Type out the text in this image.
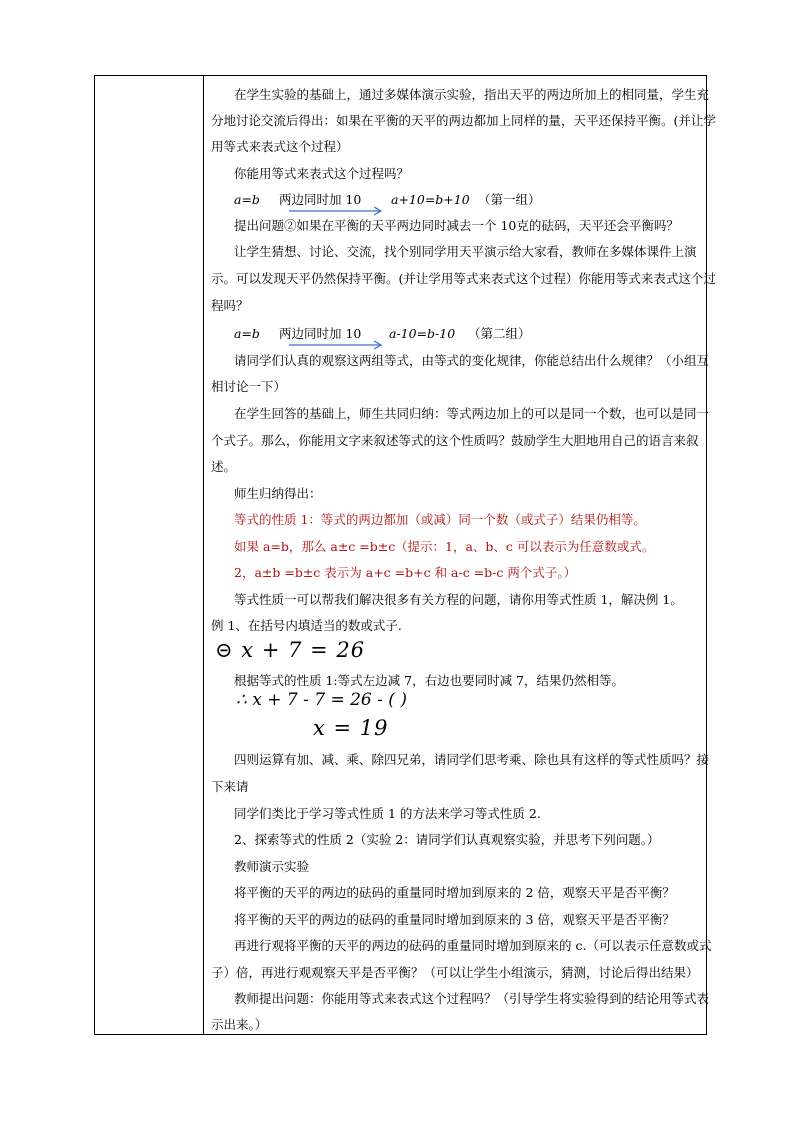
在学生实验的基础上，通过多媒体演示实验，指出天平的两边所加上的相同量，学生充
分地讨论交流后得出：如果在平衡的天平的两边都加上同样的量，天平还保持平衡。(并让学
用等式来表式这个过程）
你能用等式来表式这个过程吗？
a=b 两边同时加 10 a+10=b+10 （第一组）
提出问题②如果在平衡的天平两边同时减去一个 10克的砝码，天平还会平衡吗？
让学生猜想、讨论、交流，找个别同学用天平演示给大家看，教师在多媒体课件上演
示。可以发现天平仍然保持平衡。(并让学用等式来表式这个过程）你能用等式来表式这个过
程吗？
a=b 两边同时加 10 a-10=b-10 （第二组）
请同学们认真的观察这两组等式，由等式的变化规律，你能总结出什么规律？（小组互
相讨论一下）
在学生回答的基础上，师生共同归纳：等式两边加上的可以是同一个数，也可以是同一
个式子。那么，你能用文字来叙述等式的这个性质吗？鼓励学生大胆地用自己的语言来叙
述。
师生归纳得出：
等式的性质 1：等式的两边都加（或减）同一个数（或式子）结果仍相等。
如果 a=b，那么 a±c =b±c （提示：1，a、b、c 可以表示为任意数或式。
2，a±b =b±c 表示为 a+c =b+c 和 a-c =b-c 两个式子。）
等式性质一可以帮我们解决很多有关方程的问题，请你用等式性质 1，解决例 1。
例 1、在括号内填适当的数或式子.
⊝ x + 7 = 26
根据等式的性质 1:等式左边减 7，右边也要同时减 7，结果仍然相等。
∴ x + 7 - 7 = 26 - ( )
x = 19
四则运算有加、减、乘、除四兄弟，请同学们思考乘、除也具有这样的等式性质吗？接
下来请
同学们类比于学习等式性质 1 的方法来学习等式性质 2.
2、探索等式的性质 2（实验 2：请同学们认真观察实验，并思考下列问题。）
教师演示实验
将平衡的天平的两边的砝码的重量同时增加到原来的 2 倍，观察天平是否平衡？
将平衡的天平的两边的砝码的重量同时增加到原来的 3 倍，观察天平是否平衡？
再进行观将平衡的天平的两边的砝码的重量同时增加到原来的 c.（可以表示任意数或式
子）倍，再进行观观察天平是否平衡？（可以让学生小组演示，猜测，讨论后得出结果）
教师提出问题：你能用等式来表式这个过程吗？（引导学生将实验得到的结论用等式表
示出来。）
